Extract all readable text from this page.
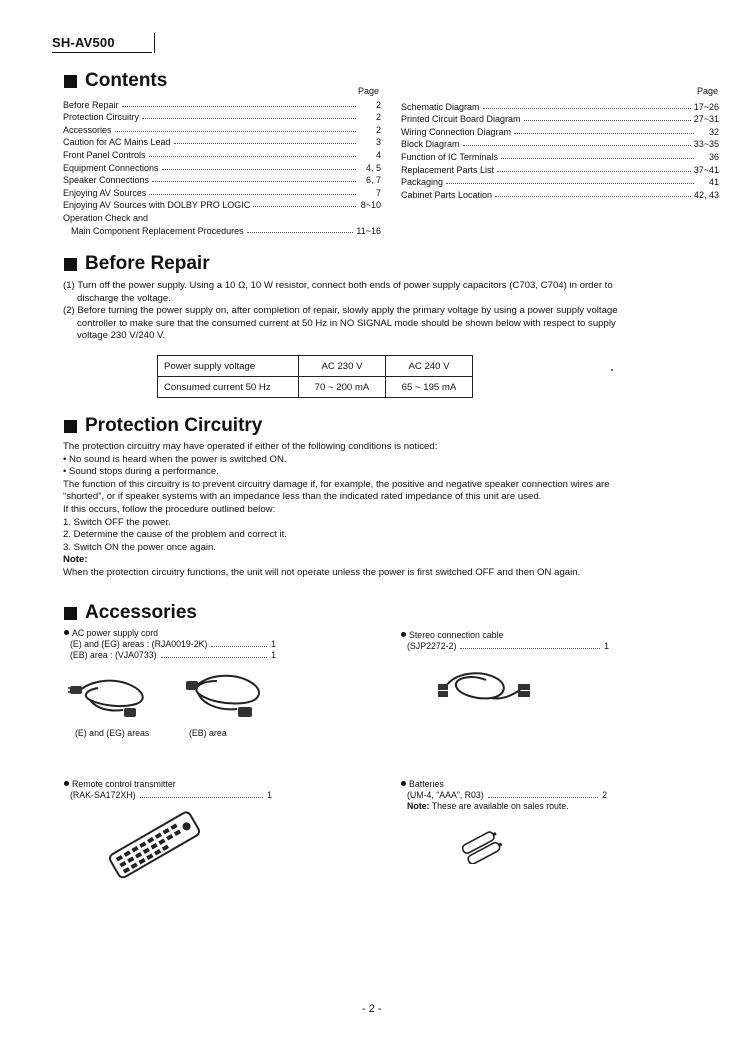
SH-AV500
Contents	Page	Page
Before Repair	2
Protection Circuitry	2
Accessories	2
Caution for AC Mains Lead	3
Front Panel Controls	4
Equipment Connections	4, 5
Speaker Connections	6, 7
Enjoying AV Sources	7
Enjoying AV Sources with DOLBY PRO LOGIC	8~10
Operation Check and
Main Component Replacement Procedures	11~16
Schematic Diagram	17~26
Printed Circuit Board Diagram	27~31
Wiring Connection Diagram	32
Block Diagram	33~35
Function of IC Terminals	36
Replacement Parts List	37~41
Packaging	41
Cabinet Parts Location	42, 43
Before Repair

(1) Turn off the power supply. Using a 10 Ω, 10 W resistor, connect both ends of power supply capacitors (C703, C704) in order to

discharge the voltage.

(2) Before turning the power supply on, after completion of repair, slowly apply the primary voltage by using a power supply voltage

controller to make sure that the consumed current at 50 Hz in NO SIGNAL mode should be shown below with respect to supply

voltage 230 V/240 V.

Power supply voltage	AC 230 V	AC 240 V
Consumed current 50 Hz	70 ~ 200 mA	65 ~ 195 mA
Protection Circuitry

The protection circuitry may have operated if either of the following conditions is noticed:

• No sound is heard when the power is switched ON.

• Sound stops during a performance.

The function of this circuitry is to prevent circuitry damage if, for example, the positive and negative speaker connection wires are

“shorted”, or if speaker systems with an impedance less than the indicated rated impedance of this unit are used.

If this occurs, follow the procedure outlined below:

1. Switch OFF the power.

2. Determine the cause of the problem and correct it.

3. Switch ON the power once again.

Note:

When the protection circuitry functions, the unit will not operate unless the power is first switched OFF and then ON again.

Accessories
AC power supply cord
(E) and (EG) areas : (RJA0019-2K)	1
(EB) area : (VJA0733)	1
(E) and (EG) areas	(EB) area
Stereo connection cable
(SJP2272-2)	1
Remote control transmitter
(RAK-SA172XH)	1
Batteries
(UM-4, “AAA”, R03)	2
Note: These are available on sales route.
- 2 -
